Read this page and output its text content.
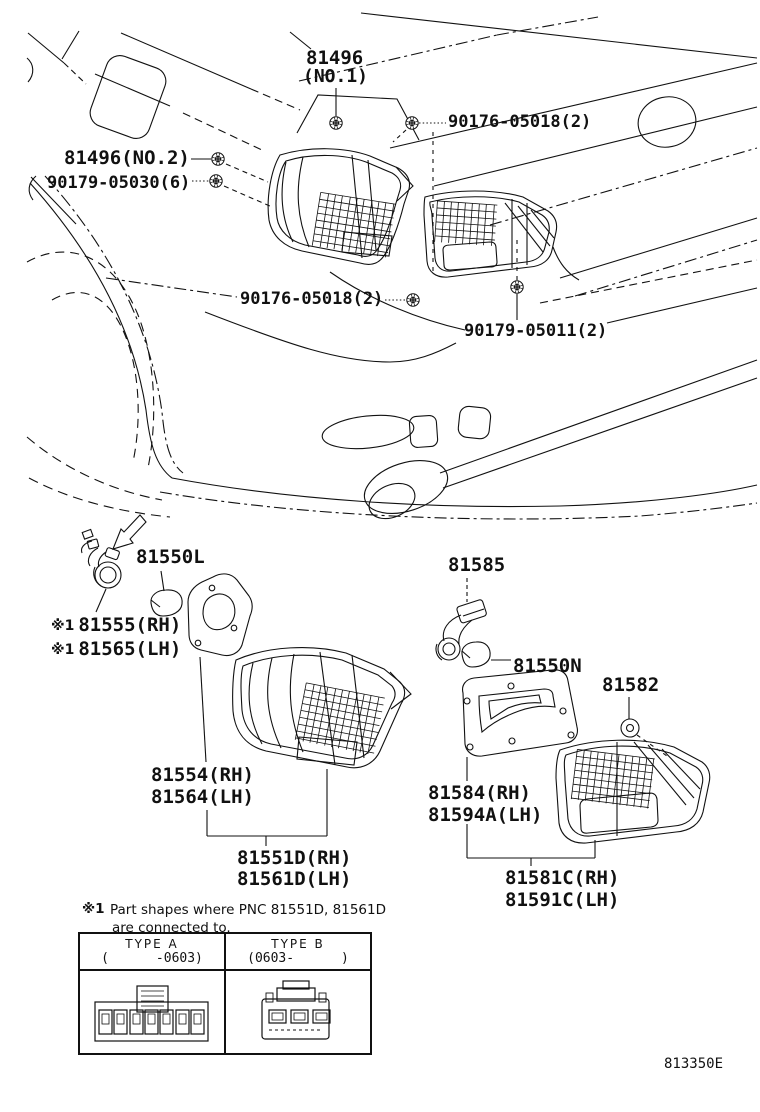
81496
(NO.1)
90176-05018(2)
81496(NO.2)
90179-05030(6)
90176-05018(2)
90179-05011(2)
81550L
※1 81555(RH)
※1 81565(LH)
81585
81550N
81582
81554(RH)
81564(LH)
81551D(RH)
81561D(LH)
81584(RH)
81594A(LH)
81581C(RH)
81591C(LH)
※1 Part shapes where PNC 81551D, 81561D
are connected to.
TYPE A
(      -0603)
TYPE B
(0603-      )
813350E
